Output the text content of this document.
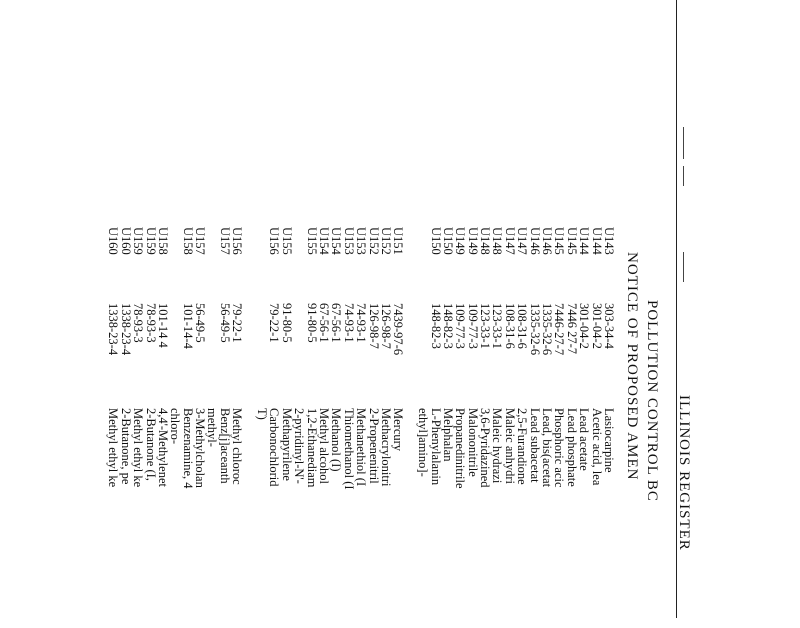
ILLINOIS REGISTER
POLLUTION CONTROL BC
NOTICE OF PROPOSED AMEN
U143
303-34-4
Lasiocarpine
U144
301-04-2
Acetic acid, lea
U144
301-04-2
Lead acetate
U145
7446 27-7
Lead phosphate
U145
7446-27-7
Phosphoric acic
U146
1335-32-6
Lead, bis(acetat
U146
1335-32-6
Lead subacetat
U147
108-31-6
2,5-Furandione
U147
108-31-6
Maleic anhydri
U148
123-33-1
Maleic hydrazi
U148
123-33-1
3,6-Pyridazined
U149
109-77-3
Malononitrile
U149
109-77-3
Propanedinitrile
U150
148-82-3
Melphalan
U150
148-82-3
L-Phenylalanin
ethyl]amino]-
U151
7439-97-6
Mercury
U152
126-98-7
Methacrylonitri
U152
126-98-7
2-Propenenitril
U153
74-93-1
Methanethiol (I
U153
74-93-1
Thiomethanol (I
U154
67-56-1
Methanol (I)
U154
67-56-1
Methyl alcohol
U155
91-80-5
1,2-Ethanediam
2-pyridinyl-N'-
U155
91-80-5
Methapyrilene
U156
79-22-1
Carbonochlorid
T)
U156
79-22-1
Methyl chloroc
U157
56-49-5
Benz[j]aceanth
methyl-
U157
56-49-5
3-Methylcholan
U158
101-14-4
Benzenamine, 4
chloro-
U158
101-14 4
4,4'-Methylenet
U159
78-93-3
2-Butanone (I,
U159
78-93-3
Methyl ethyl ke
U160
1338-23-4
2-Butanone, pe
U160
1338-23-4
Methyl ethyl ke
